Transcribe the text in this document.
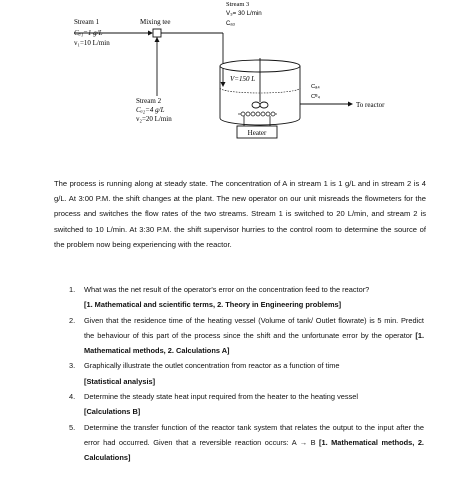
Stream 1
Cₐ₁=1 g/L
v₁=10 L/min
Mixing tee
Stream 3
V₃= 30 L/min
Cₐ₃
Stream 2
Cₐ₂=4 g/L
v₂=20 L/min
V=150 L
Heater
Cₐ₄
Cᴮ₄
To reactor
The process is running along at steady state. The concentration of A in stream 1 is 1 g/L and in stream 2 is 4 g/L. At 3:00 P.M. the shift changes at the plant. The new operator on our unit misreads the flowmeters for the process and switches the flow rates of the two streams. Stream 1 is switched to 20 L/min, and stream 2 is switched to 10 L/min. At 3:30 P.M. the shift supervisor hurries to the control room to determine the source of the problem now being experiencing with the reactor.
1. What was the net result of the operator's error on the concentration feed to the reactor?
[1. Mathematical and scientific terms, 2. Theory in Engineering problems]
2. Given that the residence time of the heating vessel (Volume of tank/ Outlet flowrate) is 5 min. Predict the behaviour of this part of the process since the shift and the unfortunate error by the operator [1. Mathematical methods, 2. Calculations A]
3. Graphically illustrate the outlet concentration from reactor as a function of time
[Statistical analysis]
4. Determine the steady state heat input required from the heater to the heating vessel
[Calculations B]
5. Determine the transfer function of the reactor tank system that relates the output to the input after the error had occurred. Given that a reversible reaction occurs: A → B [1. Mathematical methods, 2. Calculations]
